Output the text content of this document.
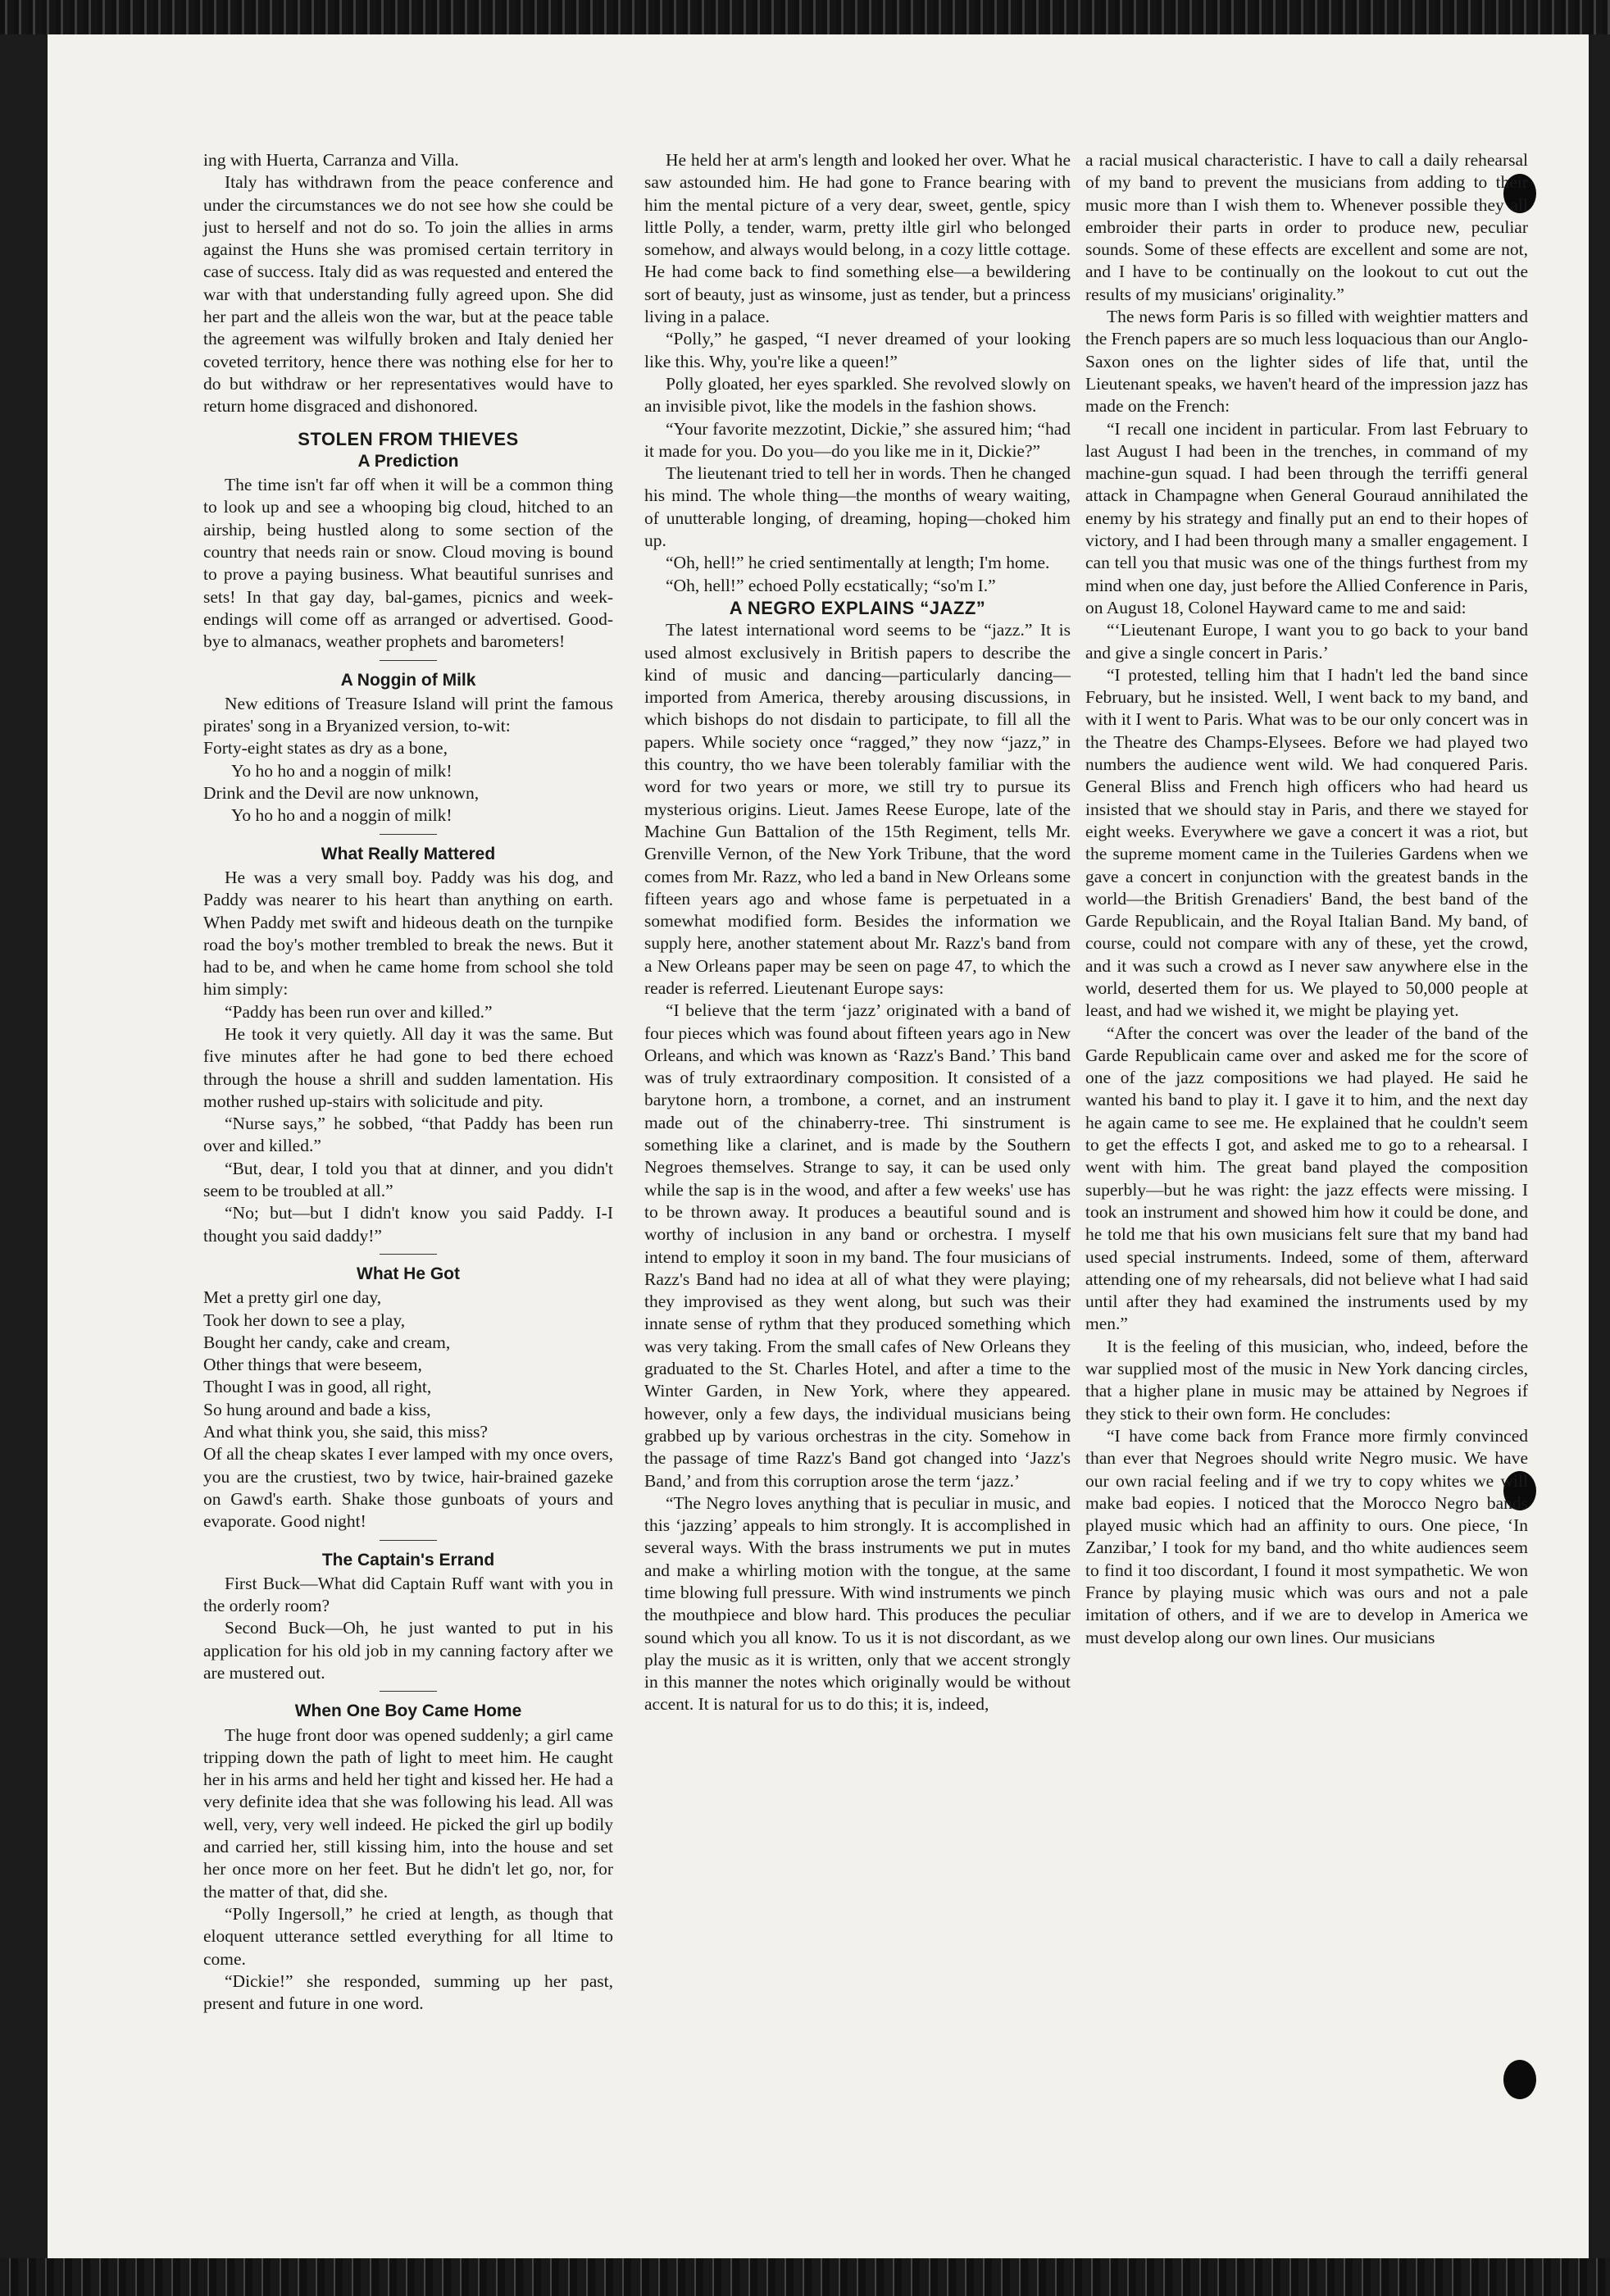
ing with Huerta, Carranza and Villa.

Italy has withdrawn from the peace conference and under the circumstances we do not see how she could be just to herself and not do so. To join the allies in arms against the Huns she was promised certain territory in case of success. Italy did as was requested and entered the war with that understanding fully agreed upon. She did her part and the alleis won the war, but at the peace table the agreement was wilfully broken and Italy denied her coveted territory, hence there was nothing else for her to do but withdraw or her representatives would have to return home disgraced and dishonored.

STOLEN FROM THIEVES
A Prediction

The time isn't far off when it will be a common thing to look up and see a whooping big cloud, hitched to an airship, being hustled along to some section of the country that needs rain or snow. Cloud moving is bound to prove a paying business. What beautiful sunrises and sets! In that gay day, bal-games, picnics and week-endings will come off as arranged or advertised. Good-bye to almanacs, weather prophets and barometers!

A Noggin of Milk

New editions of Treasure Island will print the famous pirates' song in a Bryanized version, to-wit:

Forty-eight states as dry as a bone,

Yo ho ho and a noggin of milk!

Drink and the Devil are now unknown,

Yo ho ho and a noggin of milk!

What Really Mattered

He was a very small boy. Paddy was his dog, and Paddy was nearer to his heart than anything on earth. When Paddy met swift and hideous death on the turnpike road the boy's mother trembled to break the news. But it had to be, and when he came home from school she told him simply:

“Paddy has been run over and killed.”

He took it very quietly. All day it was the same. But five minutes after he had gone to bed there echoed through the house a shrill and sudden lamentation. His mother rushed up-stairs with solicitude and pity.

“Nurse says,” he sobbed, “that Paddy has been run over and killed.”

“But, dear, I told you that at dinner, and you didn't seem to be troubled at all.”

“No; but—but I didn't know you said Paddy. I-I thought you said daddy!”

What He Got

Met a pretty girl one day,

Took her down to see a play,

Bought her candy, cake and cream,

Other things that were beseem,

Thought I was in good, all right,

So hung around and bade a kiss,

And what think you, she said, this miss?

Of all the cheap skates I ever lamped with my once overs, you are the crustiest, two by twice, hair-brained gazeke on Gawd's earth. Shake those gunboats of yours and evaporate. Good night!

The Captain's Errand

First Buck—What did Captain Ruff want with you in the orderly room?

Second Buck—Oh, he just wanted to put in his application for his old job in my canning factory after we are mustered out.

When One Boy Came Home

The huge front door was opened suddenly; a girl came tripping down the path of light to meet him. He caught her in his arms and held her tight and kissed her. He had a very definite idea that she was following his lead. All was well, very, very well indeed. He picked the girl up bodily and carried her, still kissing him, into the house and set her once more on her feet. But he didn't let go, nor, for the matter of that, did she.

“Polly Ingersoll,” he cried at length, as though that eloquent utterance settled everything for all ltime to come.

“Dickie!” she responded, summing up her past, present and future in one word.

He held her at arm's length and looked her over. What he saw astounded him. He had gone to France bearing with him the mental picture of a very dear, sweet, gentle, spicy little Polly, a tender, warm, pretty iltle girl who belonged somehow, and always would belong, in a cozy little cottage. He had come back to find something else—a bewildering sort of beauty, just as winsome, just as tender, but a princess living in a palace.

“Polly,” he gasped, “I never dreamed of your looking like this. Why, you're like a queen!”

Polly gloated, her eyes sparkled. She revolved slowly on an invisible pivot, like the models in the fashion shows.

“Your favorite mezzotint, Dickie,” she assured him; “had it made for you. Do you—do you like me in it, Dickie?”

The lieutenant tried to tell her in words. Then he changed his mind. The whole thing—the months of weary waiting, of unutterable longing, of dreaming, hoping—choked him up.

“Oh, hell!” he cried sentimentally at length; I'm home.

“Oh, hell!” echoed Polly ecstatically; “so'm I.”

A NEGRO EXPLAINS “JAZZ”

The latest international word seems to be “jazz.” It is used almost exclusively in British papers to describe the kind of music and dancing—particularly dancing—imported from America, thereby arousing discussions, in which bishops do not disdain to participate, to fill all the papers. While society once “ragged,” they now “jazz,” in this country, tho we have been tolerably familiar with the word for two years or more, we still try to pursue its mysterious origins. Lieut. James Reese Europe, late of the Machine Gun Battalion of the 15th Regiment, tells Mr. Grenville Vernon, of the New York Tribune, that the word comes from Mr. Razz, who led a band in New Orleans some fifteen years ago and whose fame is perpetuated in a somewhat modified form. Besides the information we supply here, another statement about Mr. Razz's band from a New Orleans paper may be seen on page 47, to which the reader is referred. Lieutenant Europe says:

“I believe that the term ‘jazz’ originated with a band of four pieces which was found about fifteen years ago in New Orleans, and which was known as ‘Razz's Band.’ This band was of truly extraordinary composition. It consisted of a barytone horn, a trombone, a cornet, and an instrument made out of the chinaberry-tree. Thi sinstrument is something like a clarinet, and is made by the Southern Negroes themselves. Strange to say, it can be used only while the sap is in the wood, and after a few weeks' use has to be thrown away. It produces a beautiful sound and is worthy of inclusion in any band or orchestra. I myself intend to employ it soon in my band. The four musicians of Razz's Band had no idea at all of what they were playing; they improvised as they went along, but such was their innate sense of rythm that they produced something which was very taking. From the small cafes of New Orleans they graduated to the St. Charles Hotel, and after a time to the Winter Garden, in New York, where they appeared. however, only a few days, the individual musicians being grabbed up by various orchestras in the city. Somehow in the passage of time Razz's Band got changed into ‘Jazz's Band,’ and from this corruption arose the term ‘jazz.’

“The Negro loves anything that is peculiar in music, and this ‘jazzing’ appeals to him strongly. It is accomplished in several ways. With the brass instruments we put in mutes and make a whirling motion with the tongue, at the same time blowing full pressure. With wind instruments we pinch the mouthpiece and blow hard. This produces the peculiar sound which you all know. To us it is not discordant, as we play the music as it is written, only that we accent strongly in this manner the notes which originally would be without accent. It is natural for us to do this; it is, indeed,

a racial musical characteristic. I have to call a daily rehearsal of my band to prevent the musicians from adding to their music more than I wish them to. Whenever possible they all embroider their parts in order to produce new, peculiar sounds. Some of these effects are excellent and some are not, and I have to be continually on the lookout to cut out the results of my musicians' originality.”

The news form Paris is so filled with weightier matters and the French papers are so much less loquacious than our Anglo-Saxon ones on the lighter sides of life that, until the Lieutenant speaks, we haven't heard of the impression jazz has made on the French:

“I recall one incident in particular. From last February to last August I had been in the trenches, in command of my machine-gun squad. I had been through the terriffi general attack in Champagne when General Gouraud annihilated the enemy by his strategy and finally put an end to their hopes of victory, and I had been through many a smaller engagement. I can tell you that music was one of the things furthest from my mind when one day, just before the Allied Conference in Paris, on August 18, Colonel Hayward came to me and said:

“‘Lieutenant Europe, I want you to go back to your band and give a single concert in Paris.’

“I protested, telling him that I hadn't led the band since February, but he insisted. Well, I went back to my band, and with it I went to Paris. What was to be our only concert was in the Theatre des Champs-Elysees. Before we had played two numbers the audience went wild. We had conquered Paris. General Bliss and French high officers who had heard us insisted that we should stay in Paris, and there we stayed for eight weeks. Everywhere we gave a concert it was a riot, but the supreme moment came in the Tuileries Gardens when we gave a concert in conjunction with the greatest bands in the world—the British Grenadiers' Band, the best band of the Garde Republicain, and the Royal Italian Band. My band, of course, could not compare with any of these, yet the crowd, and it was such a crowd as I never saw anywhere else in the world, deserted them for us. We played to 50,000 people at least, and had we wished it, we might be playing yet.

“After the concert was over the leader of the band of the Garde Republicain came over and asked me for the score of one of the jazz compositions we had played. He said he wanted his band to play it. I gave it to him, and the next day he again came to see me. He explained that he couldn't seem to get the effects I got, and asked me to go to a rehearsal. I went with him. The great band played the composition superbly—but he was right: the jazz effects were missing. I took an instrument and showed him how it could be done, and he told me that his own musicians felt sure that my band had used special instruments. Indeed, some of them, afterward attending one of my rehearsals, did not believe what I had said until after they had examined the instruments used by my men.”

It is the feeling of this musician, who, indeed, before the war supplied most of the music in New York dancing circles, that a higher plane in music may be attained by Negroes if they stick to their own form. He concludes:

“I have come back from France more firmly convinced than ever that Negroes should write Negro music. We have our own racial feeling and if we try to copy whites we will make bad eopies. I noticed that the Morocco Negro bands played music which had an affinity to ours. One piece, ‘In Zanzibar,’ I took for my band, and tho white audiences seem to find it too discordant, I found it most sympathetic. We won France by playing music which was ours and not a pale imitation of others, and if we are to develop in America we must develop along our own lines. Our musicians
